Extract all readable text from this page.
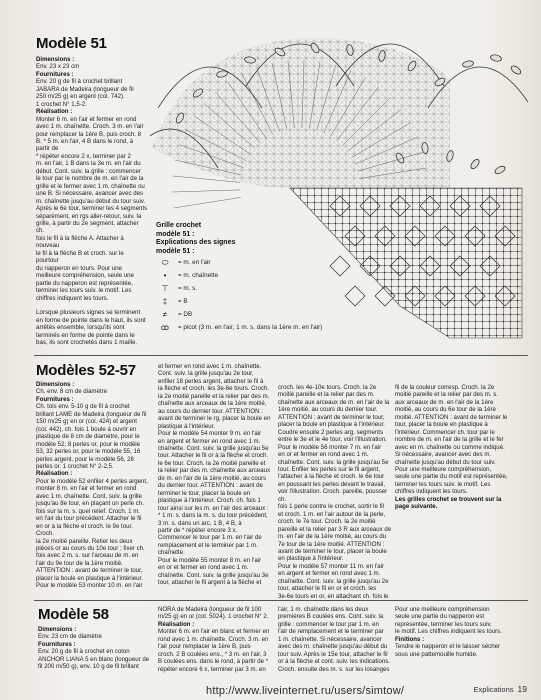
Modèle 51

Dimensions :

Env. 23 x 23 cm

Fournitures :

Env. 20 g de fil à crochet brillant

JABARA de Madeira (longueur de fil

250 m/25 g) en argent (col. 742).

1 crochet N° 1,5-2.

Réalisation :

Monter 6 m. en l'air et fermer en rond

avec 1 m. chaînette. Croch. 3 m. en l'air

pour remplacer la 1ère B, puis croch. 8

B. * 5 m. en l'air, 4 B dans le rond, à partir de

* répéter encore 2 x, terminer par 2

m. en l'air, 1 B dans la 3e m. en l'air du

début. Cont. suiv. la grille : commencer

le tour par le nombre de m. en l'air de la

grille et le fermer avec 1 m. chaînette ou

une B. Si nécessaire, avancer avec des

m. chaînette jusqu'au début du tour suiv.

Après le 6e tour, terminer les 4 segments

séparément, en rgs aller-retour, suiv. la

grille, à partir du 2e segment, attacher ch.

fois le fil à la flèche A. Attacher à nouveau

le fil à la flèche B et croch. sur le pourtour

du napperon en tours. Pour une

meilleure compréhension, seule une

partie du napperon est représentée,

terminer les tours suiv. le motif. Les

chiffres indiquent les tours.

Lorsque plusieurs signes se terminent

en forme de pointe dans le haut, ils sont

arrêtés ensemble, lorsqu'ils sont

terminés en forme de pointe dans le

bas, ils sont crochetés dans 1 maille.

Grille crochet
modèle 51 :
Explications des signes
modèle 51 :
⬭	= m. en l'air
•	= m. chaînette
⊤	= m. s.
‡	= B
≠	= DB
ꝏ	= picot (3 m. en l'air, 1 m. s. dans la 1ère m. en l'air)
Modèles 52-57

Dimensions :

Ch. env. 8 cm de diamètre

Fournitures :

Ch. tois env. 5-10 g de fil à crochet

brillant LAME de Madeira (longueur de fil

150 m/25 g) en or (col. 424) et argent

(col. 442), ch. fois 1 boule à ouvrir en

plastique de 8 cm de diamètre, pour le

modèle 52, 8 perles or, pour le modèle

53, 32 perles or, pour le modèle 55, 16

perles argent, pour le modèle 56, 28

perles or. 1 crochet N° 2-2,5.

Réalisation :

Pour le modèle 52 enfiler 4 perles argent,

monter 8 m. en l'air et fermer en rond

avec 1 m. chaînette. Cont. suiv. la grille

jusqu'au 8e tour, en plaçant un perle ch.

fois sur la m. s. quel relief. Croch. 1 m.

en l'air du tour précédent. Attacher le fil

en or à la flèche et croch. le 9e tour. Croch.

la 2e moitié pareille. Retier les deux

pièces or au cours du 10e tour ; fixer ch.

fois avec 2 m. s. sur l'arceau de m. en

l'air du 9e tour de la 1ère moitié.

ATTENTION : avant de terminer le tour,

placer la boule en plastique à l'intérieur.

Pour le modèle 53 monter 10 m. en l'air

et fermer en rond avec 1 m. chaînette.

Cont. suiv. la grille jusqu'au 2e tour,

enfiler 18 perles argent, attacher le fil à

la flèche et croch. les 3e-6e tours. Croch.

la 2e moitié pareille et la relier par des m.

chaînette aux arceaux de la 1ère moitié,

au cours du dernier tour. ATTENTION :

avant de terminer le rg, placer la boule en

plastique à l'intérieur.

Pour le modèle 54 monter 9 m. en l'air

en argent et fermer en rond avec 1 m.

chaînette. Cont. suiv. la grille jusqu'au 5e

tour. Attacher le fil or à la flèche et croch.

le 6e tour. Croch. la 2e moitié pareille et

la relier par des m. chaînette aux arceaux

de m. en l'air de la 1ère moitié, au cours

du dernier tour. ATTENTION : avant de

terminer le tour, placer la boule en

plastique à l'intérieur. Croch. ch. fois 1

tour ainsi sur les m. en l'air des arceaux :

* 1 m. s. dans la m. s. du tour précédent,

3 m. s. dans un arc, 1 B, 4 B, à

partir de * répéter encore 3 x.

Commencer le tour par 1 m. en l'air de

remplacement et le terminer par 1 m.

chaînette.

Pour le modèle 55 monter 8 m. en l'air

en or et fermer en rond avec 1 m.

chaînette. Cont. suiv. la grille jusqu'au 3e

tour, attacher le fil argent à la flèche et

croch. les 4e-10e tours. Croch. la 2e

moitié pareille et la relier par des m.

chaînette aux arceaux de m. en l'air de la

1ère moitié, au cours du dernier tour.

ATTENTION : avant de terminer le tour,

placer la boule en plastique à l'intérieur.

Coudre ensuite 2 perles arg. segments

entre le 3e et le 4e tour, voir l'illustration.

Pour le modèle 56 monter 7 m. en l'air

en or et fermer en rond avec 1 m.

chaînette. Cont. suiv. la grille jusqu'au 5e

tour. Enfiler les perles sur le fil argent,

l'attacher à la flèche et croch. le 6e tour

en poussant les perles devant le travail,

voir l'illustration. Croch. pareille, pousser ch.

fois 1 perle contre le crochet, sortir le fil

et croch. 1 m. en l'air autour de la perle,

croch. le 7e tour. Croch. la 2e moitié

pareille et la relier par 3 R aux arceaux de

m. en l'air de la 1ère moitié, au cours du

7e tour de la 1ère moitié. ATTENTION :

avant de terminer le tour, placer la boule

en plastique à l'intérieur.

Pour le modèle 57 monter 11 m. en l'air

en argent et fermer en rond avec 1 m.

chaînette. Cont. suiv. la grille jusqu'au 2e

tour, attacher le fil en or et croch. les

3e-6e tours en or, en attachant ch. fois le

fil de la couleur corresp. Croch. la 2e

moitié pareille et la relier par des m. s.

aux arceaux de m. en l'air de la 1ère

moitié, au cours du 6e tour de la 1ère

moitié. ATTENTION : avant de terminer le

tour, placer la boule en plastique à

l'intérieur. Commencer ch. tour par le

nombre de m. en l'air de la grille et le fer

avec en m. chaînette ou comme indiqué.

Si nécessaire, avancer avec des m.

chaînette jusqu'au début du tour suiv.

Pour une meilleure compréhension,

seule une partie du motif est représentée,

terminer les tours suiv. le motif. Les

chiffres indiquent les tours.

Les grilles crochet se trouvent sur la

page suivante.

Modèle 58

Dimensions :

Env. 23 cm de diamètre

Fournitures :

Env. 20 g de fil à crochet en coton

ANCHOR LIANA 5 en blanc (longueur de

fil 200 m/50 g), env. 10 g de fil brillant

NORA de Madeira (longueur de fil 100

m/25 g) en or (col. 5024). 1 crochet N° 2.

Réalisation :

Monter 6 m. en l'air en blanc et fermer en

rond avec 1 m. chaînette. Croch. 3 m. en

l'air pour remplacer la 1ère B, puis

croch. 2 B coulées ens., * 3 m. en l'air, 3

B coulées ens. dans le rond, à partir de *

répéter encore 6 x, terminer par 3 m. en

l'air, 1 m. chaînette dans les deux

premières B coulées ens. Cont. suiv. la

grille : commencer le tour par 1 m. en

l'air de remplacement et le terminer par

1 m. chaînette. Si nécessaire, avancer

avec des m. chaînette jusqu'au début du

tour suiv. Après le 15e tour, attacher le fil

or à la flèche et cont. suiv. les indications.

Croch. ensuite des m. s. sur les losanges

Pour une meilleure compréhension

seule une partie du napperon est

représentée, terminer les tours suiv.

le motif. Les chiffres indiquent les tours.

Finitions :

Tendre le napperon et le laisser sécher

sous une pattemouille humide.

http://www.liveinternet.ru/users/simtow/	Explications 19
